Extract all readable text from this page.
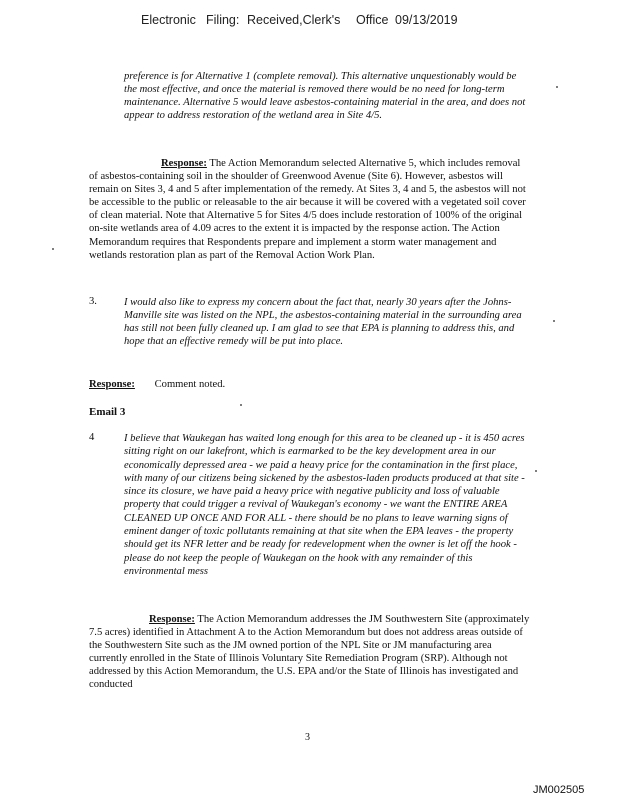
Electronic Filing: Received,Clerk's Office 09/13/2019
preference is for Alternative 1 (complete removal). This alternative unquestionably would be the most effective, and once the material is removed there would be no need for long-term maintenance. Alternative 5 would leave asbestos-containing material in the area, and does not appear to address restoration of the wetland area in Site 4/5.
Response: The Action Memorandum selected Alternative 5, which includes removal of asbestos-containing soil in the shoulder of Greenwood Avenue (Site 6). However, asbestos will remain on Sites 3, 4 and 5 after implementation of the remedy. At Sites 3, 4 and 5, the asbestos will not be accessible to the public or releasable to the air because it will be covered with a vegetated soil cover of clean material. Note that Alternative 5 for Sites 4/5 does include restoration of 100% of the original on-site wetlands area of 4.09 acres to the extent it is impacted by the response action. The Action Memorandum requires that Respondents prepare and implement a storm water management and wetlands restoration plan as part of the Removal Action Work Plan.
3.	I would also like to express my concern about the fact that, nearly 30 years after the Johns-Manville site was listed on the NPL, the asbestos-containing material in the surrounding area has still not been fully cleaned up. I am glad to see that EPA is planning to address this, and hope that an effective remedy will be put into place.
Response: Comment noted.
Email 3
4	I believe that Waukegan has waited long enough for this area to be cleaned up - it is 450 acres sitting right on our lakefront, which is earmarked to be the key development area in our economically depressed area - we paid a heavy price for the contamination in the first place, with many of our citizens being sickened by the asbestos-laden products produced at that site - since its closure, we have paid a heavy price with negative publicity and loss of valuable property that could trigger a revival of Waukegan's economy - we want the ENTIRE AREA CLEANED UP ONCE AND FOR ALL - there should be no plans to leave warning signs of eminent danger of toxic pollutants remaining at that site when the EPA leaves - the property should get its NFR letter and be ready for redevelopment when the owner is let off the hook - please do not keep the people of Waukegan on the hook with any remainder of this environmental mess
Response: The Action Memorandum addresses the JM Southwestern Site (approximately 7.5 acres) identified in Attachment A to the Action Memorandum but does not address areas outside of the Southwestern Site such as the JM owned portion of the NPL Site or JM manufacturing area currently enrolled in the State of Illinois Voluntary Site Remediation Program (SRP). Although not addressed by this Action Memorandum, the U.S. EPA and/or the State of Illinois has investigated and conducted
3
JM002505
